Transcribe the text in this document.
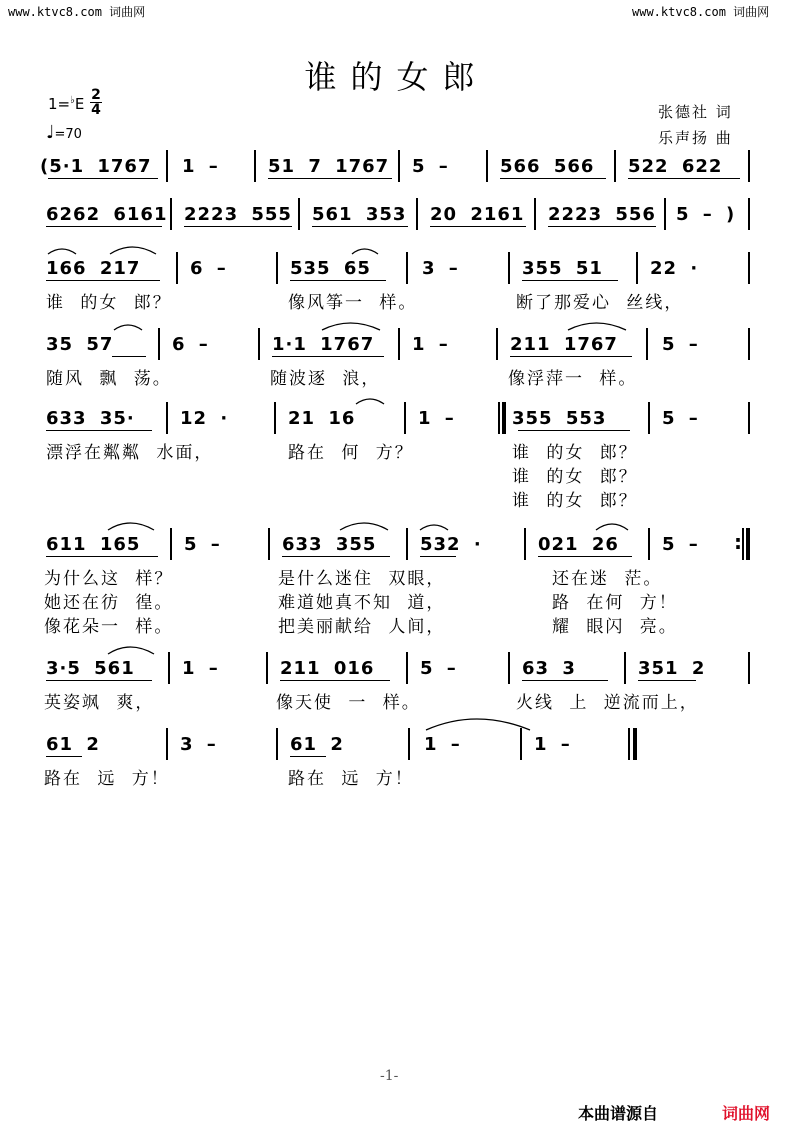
www.ktvc8.com 词曲网	www.ktvc8.com 词曲网
谁的女郎
1=♭E 2
4
♩=70
张德社 词
乐声扬 曲
(5·1 1767 1 –	51 7 1767 5 –	566 566 522 622
6262 6161 2223 555 561 353 20 2161 2223 556 5 – )
166 217	6 –	535 65	3 –	355 51	22 ·
谁 的女 郎？	像风筝一 样。	断了那爱心 丝线，
35 57	6 –	1·1 1767 1 –	211 1767 5 –
随风 飘 荡。	随波逐 浪，	像浮萍一 样。
633 35·	12 ·	21 16	1 –	355 553	5 –
漂浮在粼粼 水面，	路在 何 方？	谁 的女 郎？
谁 的女 郎？
谁 的女 郎？
611 165 5 –	633 355 532 ·	021 26 5 – :
为什么这 样？	是什么迷住 双眼，	还在迷 茫。
她还在彷 徨。	难道她真不知 道，	路 在何 方！
像花朵一 样。	把美丽献给 人间，	耀 眼闪 亮。
3·5 561	1 –	211 016	5 –	63 3	351 2
英姿飒 爽，	像天使 一 样。	火线 上 逆流而上，
61 2	3 –	61 2	1 –	1 –
路在 远 方！	路在 远 方！
-1-
本曲谱源自	词曲网
